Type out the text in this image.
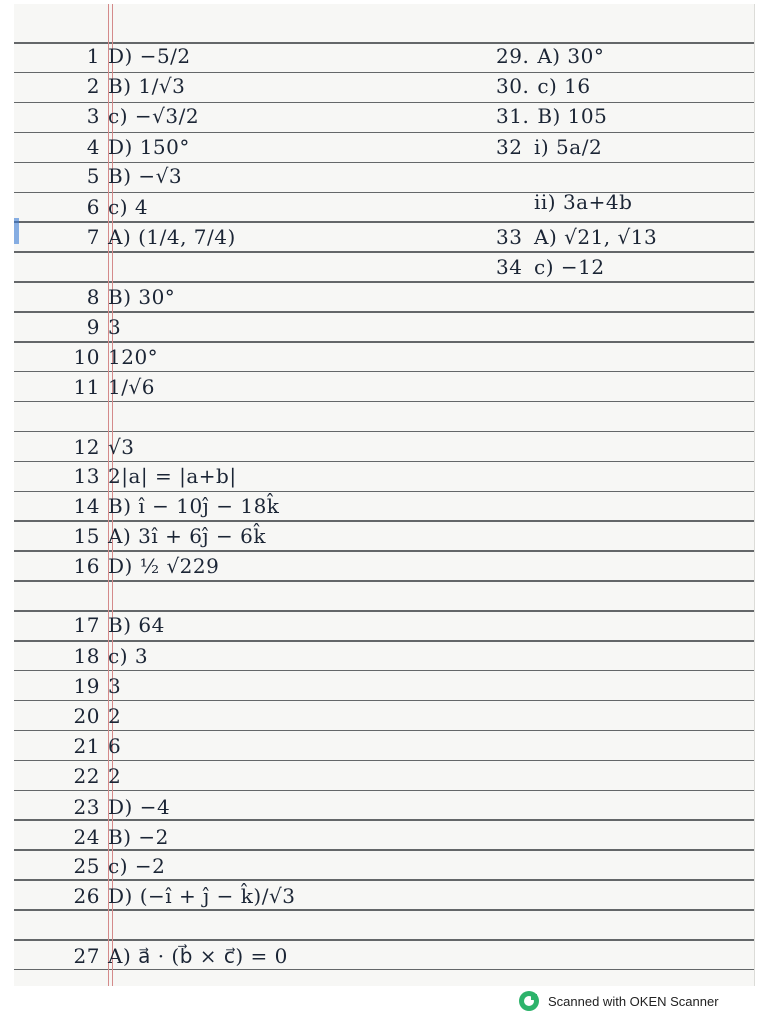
1 D) −5/2
2 B) 1/√3
3 c) −√3/2
4 D) 150°
5 B) −√3
6 c) 4
7 A) (1/4, 7/4)
8 B) 30°
9 3
10 120°
11 1/√6
12 √3
13 2|a| = |a+b|
14 B) î − 10ĵ − 18k̂
15 A) 3î + 6ĵ − 6k̂
16 D) ½ √229
17 B) 64
18 c) 3
19 3
20 2
21 6
22 2
23 D) −4
24 B) −2
25 c) −2
26 D) (−î + ĵ − k̂)/√3
27 A) a⃗ · (b⃗ × c⃗) = 0
29. A) 30°
30. c) 16
31. B) 105
32 i) 5a/2
ii) 3a+4b
33 A) √21, √13
34 c) −12
Scanned with OKEN Scanner
